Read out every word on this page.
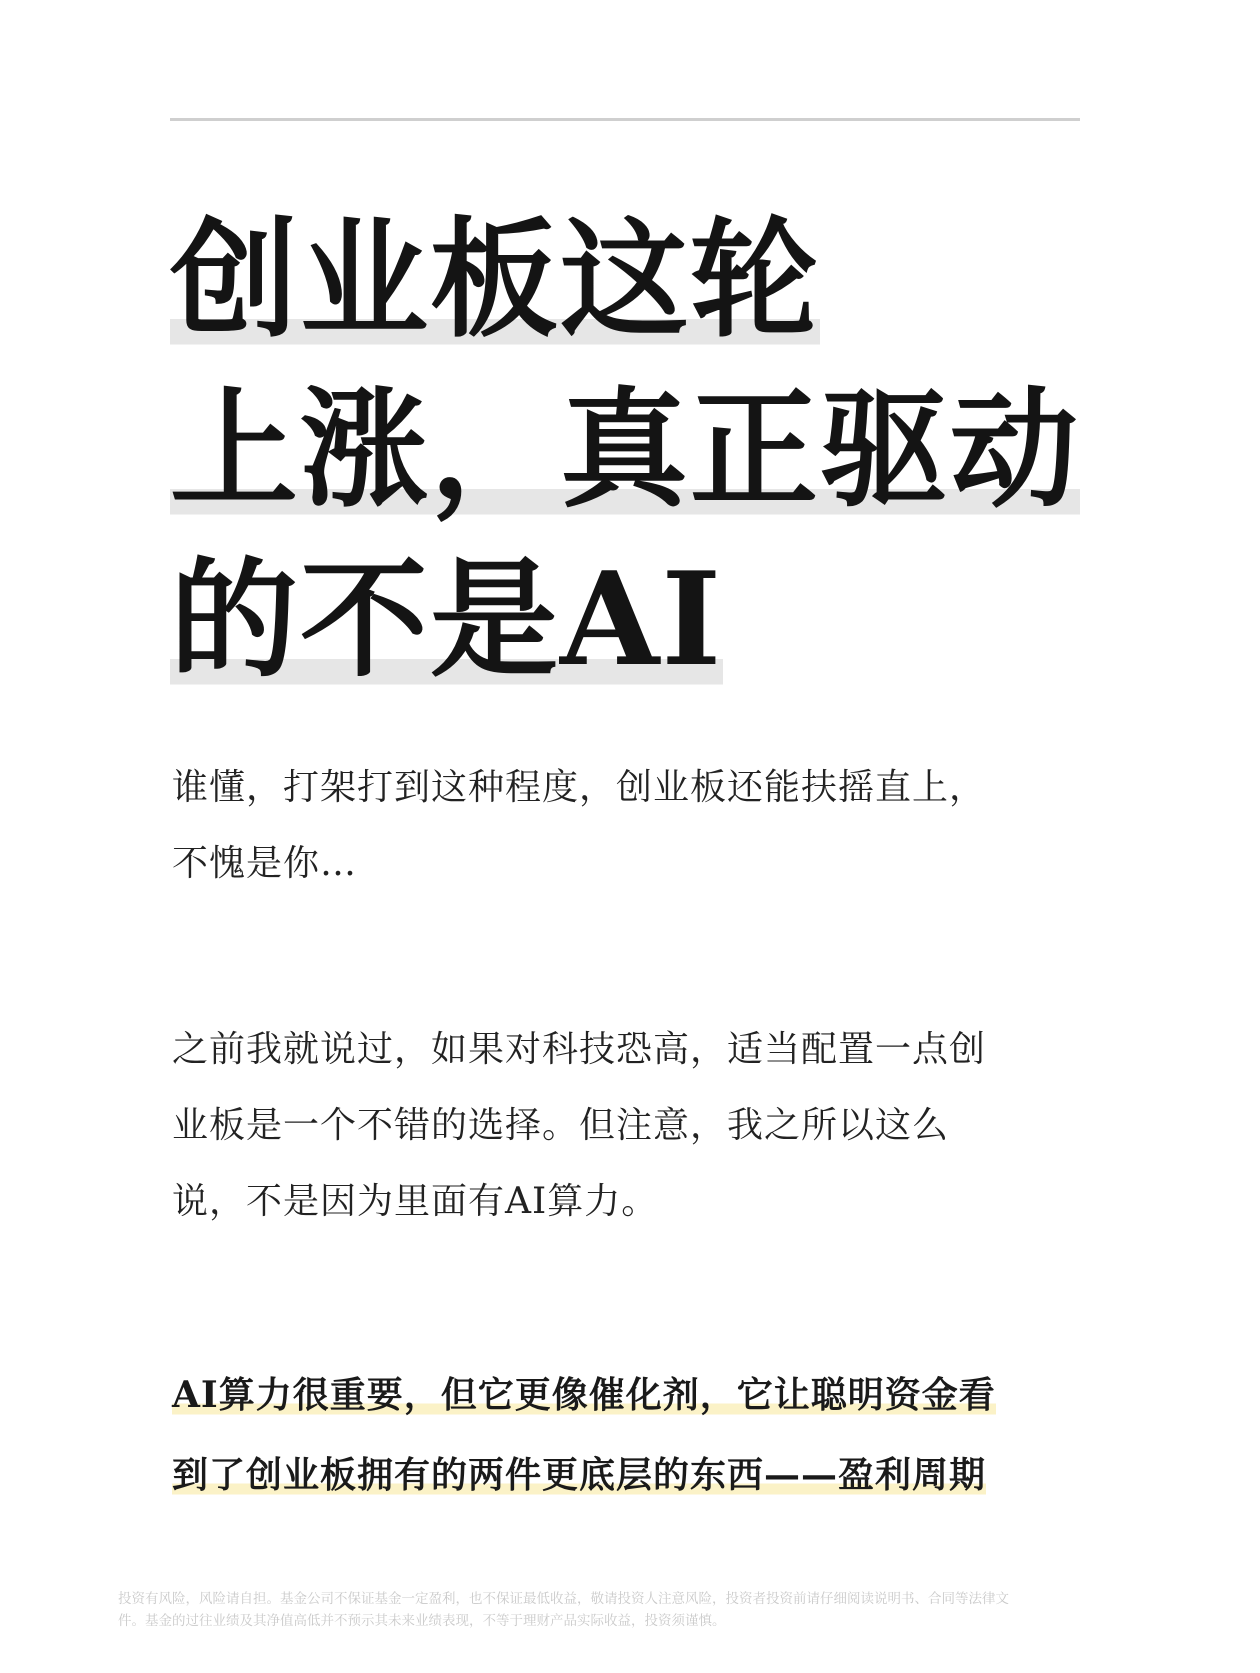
创业板这轮
上涨，真正驱动
的不是AI

谁懂，打架打到这种程度，创业板还能扶摇直上，
不愧是你…

之前我就说过，如果对科技恐高，适当配置一点创
业板是一个不错的选择。但注意，我之所以这么
说，不是因为里面有AI算力。

AI算力很重要，但它更像催化剂，它让聪明资金看
到了创业板拥有的两件更底层的东西——盈利周期

投资有风险，风险请自担。基金公司不保证基金一定盈利，也不保证最低收益，敬请投资人注意风险，投资者投资前请仔细阅读说明书、合同等法律文
件。基金的过往业绩及其净值高低并不预示其未来业绩表现，不等于理财产品实际收益，投资须谨慎。
